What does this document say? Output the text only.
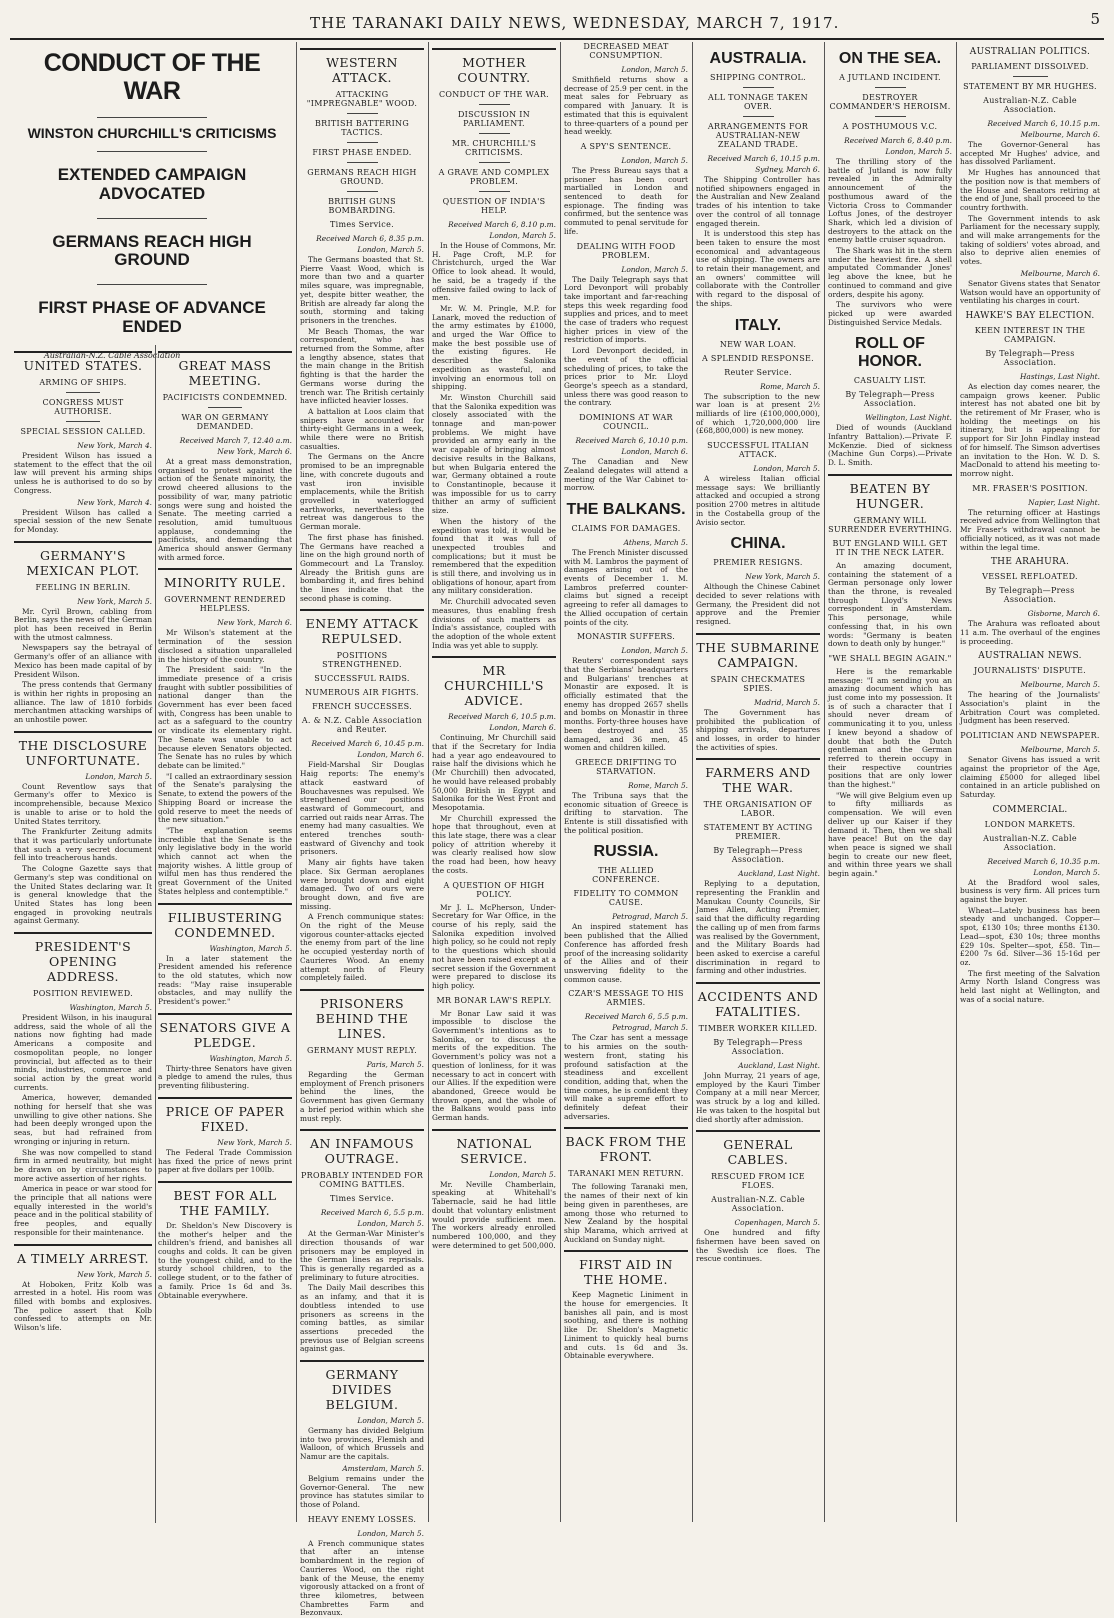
THE TARANAKI DAILY NEWS, WEDNESDAY, MARCH 7, 1917.	5
CONDUCT OF THE WAR
WINSTON CHURCHILL'S CRITICISMS
EXTENDED CAMPAIGN ADVOCATED
GERMANS REACH HIGH GROUND
FIRST PHASE OF ADVANCE ENDED
Australian-N.Z. Cable Association
UNITED STATES.
ARMING OF SHIPS.
CONGRESS MUST AUTHORISE.
SPECIAL SESSION CALLED.
New York, March 4.

President Wilson has issued a statement to the effect that the oil law will prevent his arming ships unless he is authorised to do so by Congress.

New York, March 4.

President Wilson has called a special session of the new Senate for Monday.

GERMANY'S MEXICAN PLOT.
FEELING IN BERLIN.
New York, March 5.

Mr. Cyril Brown, cabling from Berlin, says the news of the German plot has been received in Berlin with the utmost calmness.

Newspapers say the betrayal of Germany's offer of an alliance with Mexico has been made capital of by President Wilson.

The press contends that Germany is within her rights in proposing an alliance. The law of 1810 forbids merchantmen attacking warships of an unhostile power.

THE DISCLOSURE UNFORTUNATE.
London, March 5.

Count Reventlow says that Germany's offer to Mexico is incomprehensible, because Mexico is unable to arise or to hold the United States territory.

The Frankfurter Zeitung admits that it was particularly unfortunate that such a very secret document fell into treacherous hands.

The Cologne Gazette says that Germany's step was conditional on the United States declaring war. It is general knowledge that the United States has long been engaged in provoking neutrals against Germany.

PRESIDENT'S OPENING ADDRESS.
POSITION REVIEWED.
Washington, March 5.

President Wilson, in his inaugural address, said the whole of all the nations now fighting had made Americans a composite and cosmopolitan people, no longer provincial, but affected as to their minds, industries, commerce and social action by the great world currents.

America, however, demanded nothing for herself that she was unwilling to give other nations. She had been deeply wronged upon the seas, but had refrained from wronging or injuring in return.

She was now compelled to stand firm in armed neutrality, but might be drawn on by circumstances to more active assertion of her rights.

America in peace or war stood for the principle that all nations were equally interested in the world's peace and in the political stability of free peoples, and equally responsible for their maintenance.

A TIMELY ARREST.
New York, March 5.

At Hoboken, Fritz Kolb was arrested in a hotel. His room was filled with bombs and explosives. The police assert that Kolb confessed to attempts on Mr. Wilson's life.

GREAT MASS MEETING.
PACIFICISTS CONDEMNED.
WAR ON GERMANY DEMANDED.
Received March 7, 12.40 a.m.
New York, March 6.

At a great mass demonstration, organised to protest against the action of the Senate minority, the crowd cheered allusions to the possibility of war, many patriotic songs were sung and hoisted the Senate. The meeting carried a resolution, amid tumultuous applause, condemning the pacificists, and demanding that America should answer Germany with armed force.

MINORITY RULE.
GOVERNMENT RENDERED HELPLESS.
New York, March 6.

Mr Wilson's statement at the termination of the session disclosed a situation unparalleled in the history of the country.

The President said: "In the immediate presence of a crisis fraught with subtler possibilities of national danger than the Government has ever been faced with, Congress has been unable to act as a safeguard to the country or vindicate its elementary right. The Senate was unable to act because eleven Senators objected. The Senate has no rules by which debate can be limited."

"I called an extraordinary session of the Senate's paralysing the Senate, to extend the powers of the Shipping Board or increase the gold reserve to meet the needs of the new situation."

"The explanation seems incredible that the Senate is the only legislative body in the world which cannot act when the majority wishes. A little group of wilful men has thus rendered the great Government of the United States helpless and contemptible."

FILIBUSTERING CONDEMNED.
Washington, March 5.

In a later statement the President amended his reference to the old statutes, which now reads: "May raise insuperable obstacles, and may nullify the President's power."

SENATORS GIVE A PLEDGE.
Washington, March 5.

Thirty-three Senators have given a pledge to amend the rules, thus preventing filibustering.

PRICE OF PAPER FIXED.
New York, March 5.

The Federal Trade Commission has fixed the price of news print paper at five dollars per 100lb.

BEST FOR ALL THE FAMILY.

Dr. Sheldon's New Discovery is the mother's helper and the children's friend, and banishes all coughs and colds. It can be given to the youngest child, and to the sturdy school children, to the college student, or to the father of a family. Price 1s 6d and 3s. Obtainable everywhere.

WESTERN ATTACK.
ATTACKING "IMPREGNABLE" WOOD.
BRITISH BATTERING TACTICS.
FIRST PHASE ENDED.
GERMANS REACH HIGH GROUND.
BRITISH GUNS BOMBARDING.
Times Service.
Received March 6, 8.35 p.m.
London, March 5.

The Germans boasted that St. Pierre Vaast Wood, which is more than two and a quarter miles square, was impregnable, yet, despite bitter weather, the British are already far along the south, storming and taking prisoners in the trenches.

Mr Beach Thomas, the war correspondent, who has returned from the Somme, after a lengthy absence, states that the main change in the British fighting is that the harder the Germans worse during the trench war. The British certainly have inflicted heavier losses.

A battalion at Loos claim that snipers have accounted for thirty-eight Germans in a week, while there were no British casualties.

The Germans on the Ancre promised to be an impregnable line, with concrete dugouts and vast iron invisible emplacements, while the British grovelled in waterlogged earthworks, nevertheless the retreat was dangerous to the German morale.

The first phase has finished. The Germans have reached a line on the high ground north of Gommecourt and La Transloy. Already the British guns are bombarding it, and fires behind the lines indicate that the second phase is coming.

ENEMY ATTACK REPULSED.
POSITIONS STRENGTHENED.
SUCCESSFUL RAIDS.
NUMEROUS AIR FIGHTS.
FRENCH SUCCESSES.
A. & N.Z. Cable Association and Reuter.
Received March 6, 10.45 p.m.
London, March 6.

Field-Marshal Sir Douglas Haig reports: The enemy's attack eastward of Bouchavesnes was repulsed. We strengthened our positions eastward of Gommecourt, and carried out raids near Arras. The enemy had many casualties. We entered trenches south-eastward of Givenchy and took prisoners.

Many air fights have taken place. Six German aeroplanes were brought down and eight damaged. Two of ours were brought down, and five are missing.

A French communique states: On the right of the Meuse vigorous counter-attacks ejected the enemy from part of the line he occupied yesterday north of Caurieres Wood. An enemy attempt north of Fleury completely failed.

PRISONERS BEHIND THE LINES.
GERMANY MUST REPLY.
Paris, March 5.

Regarding the German employment of French prisoners behind the lines, the Government has given Germany a brief period within which she must reply.

AN INFAMOUS OUTRAGE.
PROBABLY INTENDED FOR COMING BATTLES.
Times Service.
Received March 6, 5.5 p.m.
London, March 5.

At the German-War Minister's direction thousands of war prisoners may be employed in the German lines as reprisals. This is generally regarded as a preliminary to future atrocities.

The Daily Mail describes this as an infamy, and that it is doubtless intended to use prisoners as screens in the coming battles, as similar assertions preceded the previous use of Belgian screens against gas.

GERMANY DIVIDES BELGIUM.
London, March 5.

Germany has divided Belgium into two provinces, Flemish and Walloon, of which Brussels and Namur are the capitals.

Amsterdam, March 5.

Belgium remains under the Governor-General. The new province has statutes similar to those of Poland.

HEAVY ENEMY LOSSES.
London, March 5.

A French communique states that after an intense bombardment in the region of Caurieres Wood, on the right bank of the Meuse, the enemy vigorously attacked on a front of three kilometres, between Chambrettes Farm and Bezonvaux.

MOTHER COUNTRY.
CONDUCT OF THE WAR.
DISCUSSION IN PARLIAMENT.
MR. CHURCHILL'S CRITICISMS.
A GRAVE AND COMPLEX PROBLEM.
QUESTION OF INDIA'S HELP.
Received March 6, 8.10 p.m.
London, March 5.

In the House of Commons, Mr. H. Page Croft, M.P. for Christchurch, urged the War Office to look ahead. It would, he said, be a tragedy if the offensive failed owing to lack of men.

Mr. W. M. Pringle, M.P. for Lanark, moved the reduction of the army estimates by £1000, and urged the War Office to make the best possible use of the existing figures. He described the Salonika expedition as wasteful, and involving an enormous toll on shipping.

Mr. Winston Churchill said that the Salonika expedition was closely associated with the tonnage and man-power problems. We might have provided an army early in the war capable of bringing almost decisive results in the Balkans, but when Bulgaria entered the war, Germany obtained a route to Constantinople, because it was impossible for us to carry thither an army of sufficient size.

When the history of the expedition was told, it would be found that it was full of unexpected troubles and complications; but it must be remembered that the expedition is still there, and involving us in obligations of honour, apart from any military consideration.

Mr. Churchill advocated seven measures, thus enabling fresh divisions of such matters as India's assistance, coupled with the adoption of the whole extent India was yet able to supply.

MR CHURCHILL'S ADVICE.
Received March 6, 10.5 p.m.
London, March 6.

Continuing, Mr Churchill said that if the Secretary for India had a year ago endeavoured to raise half the divisions which he (Mr Churchill) then advocated, he would have released probably 50,000 British in Egypt and Salonika for the West Front and Mesopotamia.

Mr Churchill expressed the hope that throughout, even at this late stage, there was a clear policy of attrition whereby it was clearly realised how slow the road had been, how heavy the costs.

A QUESTION OF HIGH POLICY.

Mr J. L. McPherson, Under-Secretary for War Office, in the course of his reply, said the Salonika expedition involved high policy, so he could not reply to the questions which should not have been raised except at a secret session if the Government were prepared to disclose its high policy.

MR BONAR LAW'S REPLY.

Mr Bonar Law said it was impossible to disclose the Government's intentions as to Salonika, or to discuss the merits of the expedition. The Government's policy was not a question of lonliness, for it was necessary to act in concert with our Allies. If the expedition were abandoned, Greece would be thrown open, and the whole of the Balkans would pass into German hands.

NATIONAL SERVICE.
London, March 5.

Mr. Neville Chamberlain, speaking at Whitehall's Tabernacle, said he had little doubt that voluntary enlistment would provide sufficient men. The workers already enrolled numbered 100,000, and they were determined to get 500,000.

DECREASED MEAT CONSUMPTION.
London, March 5.

Smithfield returns show a decrease of 25.9 per cent. in the meat sales for February as compared with January. It is estimated that this is equivalent to three-quarters of a pound per head weekly.

A SPY'S SENTENCE.
London, March 5.

The Press Bureau says that a prisoner has been court martialled in London and sentenced to death for espionage. The finding was confirmed, but the sentence was commuted to penal servitude for life.

DEALING WITH FOOD PROBLEM.
London, March 5.

The Daily Telegraph says that Lord Devonport will probably take important and far-reaching steps this week regarding food supplies and prices, and to meet the case of traders who request higher prices in view of the restriction of imports.

Lord Devonport decided, in the event of the official scheduling of prices, to take the prices prior to Mr. Lloyd George's speech as a standard, unless there was good reason to the contrary.

DOMINIONS AT WAR COUNCIL.
Received March 6, 10.10 p.m.
London, March 6.

The Canadian and New Zealand delegates will attend a meeting of the War Cabinet to-morrow.

THE BALKANS.
CLAIMS FOR DAMAGES.
Athens, March 5.

The French Minister discussed with M. Lambros the payment of damages arising out of the events of December 1. M. Lambros preferred counter-claims but signed a receipt agreeing to refer all damages to the Allied occupation of certain points of the city.

MONASTIR SUFFERS.
London, March 5.

Reuters' correspondent says that the Serbians' headquarters and Bulgarians' trenches at Monastir are exposed. It is officially estimated that the enemy has dropped 2657 shells and bombs on Monastir in three months. Forty-three houses have been destroyed and 35 damaged, and 36 men, 45 women and children killed.

GREECE DRIFTING TO STARVATION.
Rome, March 5.

The Tribuna says that the economic situation of Greece is drifting to starvation. The Entente is still dissatisfied with the political position.

RUSSIA.
THE ALLIED CONFERENCE.
FIDELITY TO COMMON CAUSE.
Petrograd, March 5.

An inspired statement has been published that the Allied Conference has afforded fresh proof of the increasing solidarity of the Allies and of their unswerving fidelity to the common cause.

CZAR'S MESSAGE TO HIS ARMIES.
Received March 6, 5.5 p.m.
Petrograd, March 5.

The Czar has sent a message to his armies on the south-western front, stating his profound satisfaction at the steadiness and excellent condition, adding that, when the time comes, he is confident they will make a supreme effort to definitely defeat their adversaries.

BACK FROM THE FRONT.
TARANAKI MEN RETURN.

The following Taranaki men, the names of their next of kin being given in parentheses, are among those who returned to New Zealand by the hospital ship Marama, which arrived at Auckland on Sunday night.

FIRST AID IN THE HOME.

Keep Magnetic Liniment in the house for emergencies. It banishes all pain, and is most soothing, and there is nothing like Dr. Sheldon's Magnetic Liniment to quickly heal burns and cuts. 1s 6d and 3s. Obtainable everywhere.

AUSTRALIA.
SHIPPING CONTROL.
ALL TONNAGE TAKEN OVER.
ARRANGEMENTS FOR AUSTRALIAN-NEW ZEALAND TRADE.
Received March 6, 10.15 p.m.
Sydney, March 6.

The Shipping Controller has notified shipowners engaged in the Australian and New Zealand trades of his intention to take over the control of all tonnage engaged therein.

It is understood this step has been taken to ensure the most economical and advantageous use of shipping. The owners are to retain their management, and an owners' committee will collaborate with the Controller with regard to the disposal of the ships.

ITALY.
NEW WAR LOAN.
A SPLENDID RESPONSE.
Reuter Service.
Rome, March 5.

The subscription to the new war loan is at present 2½ milliards of lire (£100,000,000), of which 1,720,000,000 lire (£68,800,000) is new money.

SUCCESSFUL ITALIAN ATTACK.
London, March 5.

A wireless Italian official message says: We brilliantly attacked and occupied a strong position 2700 metres in altitude in the Costabella group of the Avisio sector.

CHINA.
PREMIER RESIGNS.
New York, March 5.

Although the Chinese Cabinet decided to sever relations with Germany, the President did not approve and the Premier resigned.

THE SUBMARINE CAMPAIGN.
SPAIN CHECKMATES SPIES.
Madrid, March 5.

The Government has prohibited the publication of shipping arrivals, departures and losses, in order to hinder the activities of spies.

FARMERS AND THE WAR.
THE ORGANISATION OF LABOR.
STATEMENT BY ACTING PREMIER.
By Telegraph—Press Association.
Auckland, Last Night.

Replying to a deputation, representing the Franklin and Manukau County Councils, Sir James Allen, Acting Premier, said that the difficulty regarding the calling up of men from farms was realised by the Government, and the Military Boards had been asked to exercise a careful discrimination in regard to farming and other industries.

ACCIDENTS AND FATALITIES.
TIMBER WORKER KILLED.
By Telegraph—Press Association.
Auckland, Last Night.

John Murray, 21 years of age, employed by the Kauri Timber Company at a mill near Mercer, was struck by a log and killed. He was taken to the hospital but died shortly after admission.

GENERAL CABLES.
RESCUED FROM ICE FLOES.
Australian-N.Z. Cable Association.
Copenhagen, March 5.

One hundred and fifty fishermen have been saved on the Swedish ice floes. The rescue continues.

ON THE SEA.
A JUTLAND INCIDENT.
DESTROYER COMMANDER'S HEROISM.
A POSTHUMOUS V.C.
Received March 6, 8.40 p.m.
London, March 5.

The thrilling story of the battle of Jutland is now fully revealed in the Admiralty announcement of the posthumous award of the Victoria Cross to Commander Loftus Jones, of the destroyer Shark, which led a division of destroyers to the attack on the enemy battle cruiser squadron.

The Shark was hit in the stern under the heaviest fire. A shell amputated Commander Jones' leg above the knee, but he continued to command and give orders, despite his agony.

The survivors who were picked up were awarded Distinguished Service Medals.

ROLL OF HONOR.
CASUALTY LIST.
By Telegraph—Press Association.
Wellington, Last Night.

Died of wounds (Auckland Infantry Battalion).—Private F. McKenzie. Died of sickness (Machine Gun Corps).—Private D. L. Smith.

BEATEN BY HUNGER.
GERMANY WILL SURRENDER EVERYTHING.
BUT ENGLAND WILL GET IT IN THE NECK LATER.

An amazing document, containing the statement of a German personage only lower than the throne, is revealed through Lloyd's News correspondent in Amsterdam. This personage, while confessing that, in his own words: "Germany is beaten down to death only by hunger."

"WE SHALL BEGIN AGAIN."

Here is the remarkable message: "I am sending you an amazing document which has just come into my possession. It is of such a character that I should never dream of communicating it to you, unless I knew beyond a shadow of doubt that both the Dutch gentleman and the German referred to therein occupy in their respective countries positions that are only lower than the highest."

"We will give Belgium even up to fifty milliards as compensation. We will even deliver up our Kaiser if they demand it. Then, then we shall have peace! But on the day when peace is signed we shall begin to create our new fleet, and within three years we shall begin again."

AUSTRALIAN POLITICS.
PARLIAMENT DISSOLVED.
STATEMENT BY MR HUGHES.
Australian-N.Z. Cable Association.
Received March 6, 10.15 p.m.
Melbourne, March 6.

The Governor-General has accepted Mr Hughes' advice, and has dissolved Parliament.

Mr Hughes has announced that the position now is that members of the House and Senators retiring at the end of June, shall proceed to the country forthwith.

The Government intends to ask Parliament for the necessary supply, and will make arrangements for the taking of soldiers' votes abroad, and also to deprive alien enemies of votes.

Melbourne, March 6.

Senator Givens states that Senator Watson would have an opportunity of ventilating his charges in court.

HAWKE'S BAY ELECTION.
KEEN INTEREST IN THE CAMPAIGN.
By Telegraph—Press Association.
Hastings, Last Night.

As election day comes nearer, the campaign grows keener. Public interest has not abated one bit by the retirement of Mr Fraser, who is holding the meetings on his itinerary, but is appealing for support for Sir John Findlay instead of for himself. The Simson advertises an invitation to the Hon. W. D. S. MacDonald to attend his meeting to-morrow night.

MR. FRASER'S POSITION.
Napier, Last Night.

The returning officer at Hastings received advice from Wellington that Mr Fraser's withdrawal cannot be officially noticed, as it was not made within the legal time.

THE ARAHURA.
VESSEL REFLOATED.
By Telegraph—Press Association.
Gisborne, March 6.

The Arahura was refloated about 11 a.m. The overhaul of the engines is proceeding.

AUSTRALIAN NEWS.
JOURNALISTS' DISPUTE.
Melbourne, March 5.

The hearing of the Journalists' Association's plaint in the Arbitration Court was completed. Judgment has been reserved.

POLITICIAN AND NEWSPAPER.
Melbourne, March 5.

Senator Givens has issued a writ against the proprietor of the Age, claiming £5000 for alleged libel contained in an article published on Saturday.

COMMERCIAL.
LONDON MARKETS.
Australian-N.Z. Cable Association.
Received March 6, 10.35 p.m.
London, March 5.

At the Bradford wool sales, business is very firm. All prices turn against the buyer.

Wheat—Lately business has been steady and unchanged. Copper—spot, £130 10s; three months £130. Lead—spot, £30 10s; three months £29 10s. Spelter—spot, £58. Tin—£200 7s 6d. Silver—36 15-16d per oz.

The first meeting of the Salvation Army North Island Congress was held last night at Wellington, and was of a social nature.
